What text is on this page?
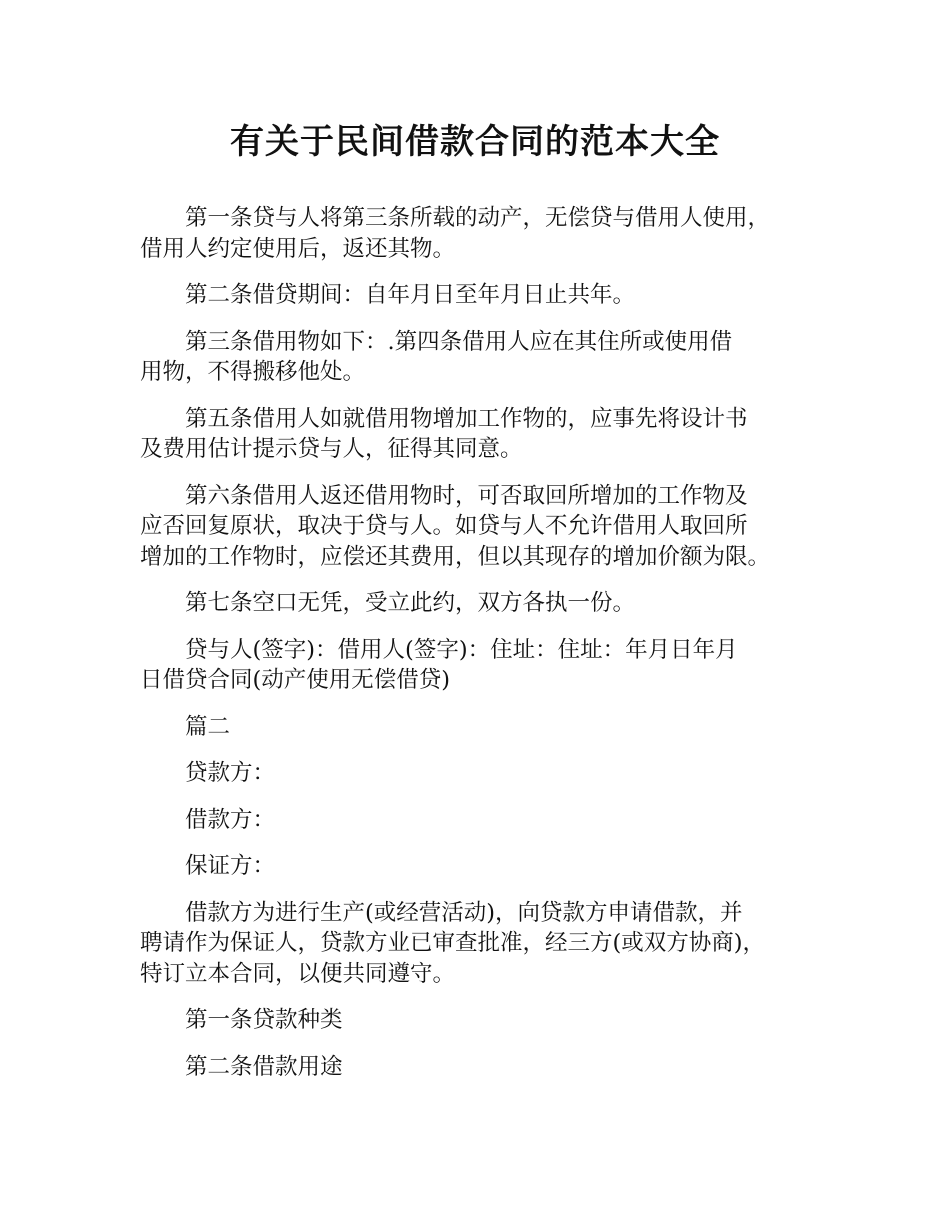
有关于民间借款合同的范本大全

第一条贷与人将第三条所载的动产，无偿贷与借用人使用，
借用人约定使用后，返还其物。

第二条借贷期间：自年月日至年月日止共年。

第三条借用物如下：.第四条借用人应在其住所或使用借
用物，不得搬移他处。

第五条借用人如就借用物增加工作物的，应事先将设计书
及费用估计提示贷与人，征得其同意。

第六条借用人返还借用物时，可否取回所增加的工作物及
应否回复原状，取决于贷与人。如贷与人不允许借用人取回所
增加的工作物时，应偿还其费用，但以其现存的增加价额为限。

第七条空口无凭，受立此约，双方各执一份。

贷与人(签字)：借用人(签字)：住址：住址：年月日年月
日借贷合同(动产使用无偿借贷)

篇二

贷款方：

借款方：

保证方：

借款方为进行生产(或经营活动)，向贷款方申请借款，并
聘请作为保证人，贷款方业已审查批准，经三方(或双方协商)，
特订立本合同，以便共同遵守。

第一条贷款种类

第二条借款用途
